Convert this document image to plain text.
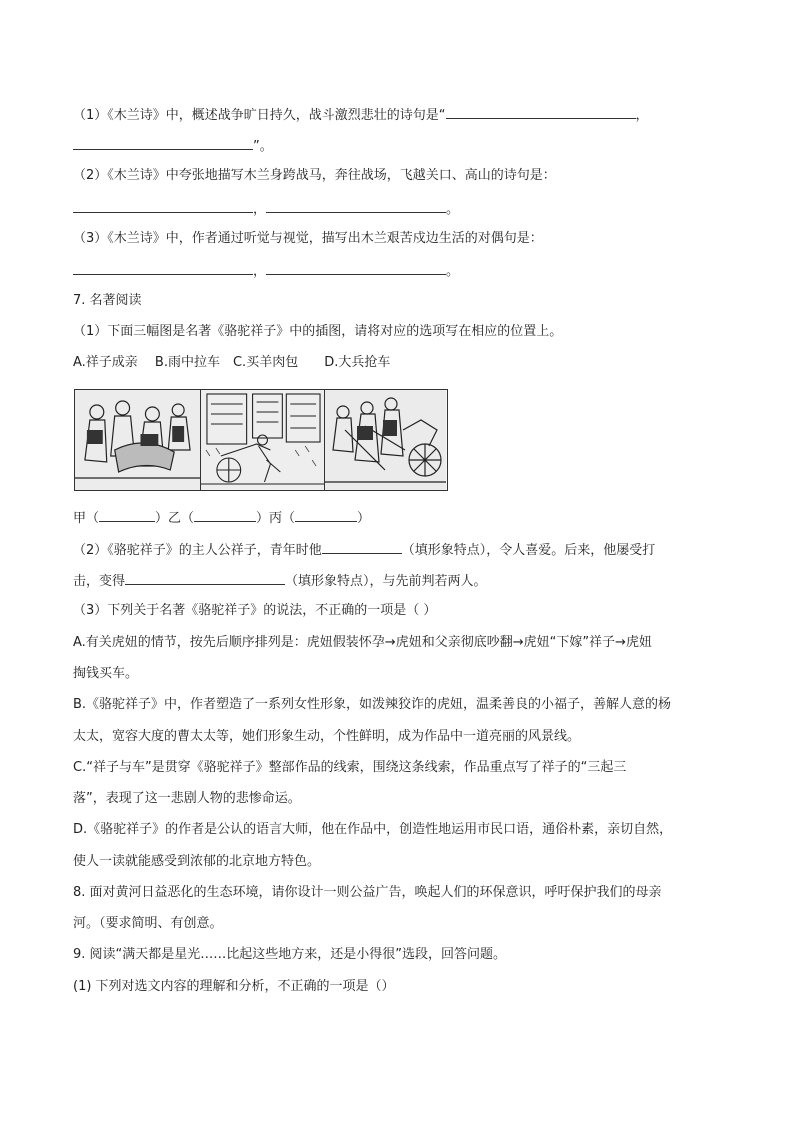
（1）《木兰诗》中，概述战争旷日持久，战斗激烈悲壮的诗句是“	，
”。
（2）《木兰诗》中夸张地描写木兰身跨战马，奔往战场，飞越关口、高山的诗句是：
，	。
（3）《木兰诗》中，作者通过听觉与视觉，描写出木兰艰苦戍边生活的对偶句是：
，	。
7. 名著阅读
（1）下面三幅图是名著《骆驼祥子》中的插图，请将对应的选项写在相应的位置上。
A.祥子成亲　 B.雨中拉车　C.买羊肉包　　D.大兵抢车
甲（	）乙（	）丙（	）
（2）《骆驼祥子》的主人公祥子，青年时他	（填形象特点），令人喜爱。后来，他屡受打
击，变得	（填形象特点），与先前判若两人。
（3）下列关于名著《骆驼祥子》的说法，不正确的一项是（ ）
A.有关虎妞的情节，按先后顺序排列是：虎妞假装怀孕→虎妞和父亲彻底吵翻→虎妞“下嫁”祥子→虎妞
掏钱买车。
B.《骆驼祥子》中，作者塑造了一系列女性形象，如泼辣狡诈的虎妞，温柔善良的小福子，善解人意的杨
太太，宽容大度的曹太太等，她们形象生动，个性鲜明，成为作品中一道亮丽的风景线。
C.“祥子与车”是贯穿《骆驼祥子》整部作品的线索，围绕这条线索，作品重点写了祥子的“三起三
落”，表现了这一悲剧人物的悲惨命运。
D.《骆驼祥子》的作者是公认的语言大师，他在作品中，创造性地运用市民口语，通俗朴素，亲切自然，
使人一读就能感受到浓郁的北京地方特色。
8. 面对黄河日益恶化的生态环境，请你设计一则公益广告，唤起人们的环保意识，呼吁保护我们的母亲
河。（要求简明、有创意。
9. 阅读“满天都是星光……比起这些地方来，还是小得很”选段，回答问题。
(1) 下列对选文内容的理解和分析，不正确的一项是（）
